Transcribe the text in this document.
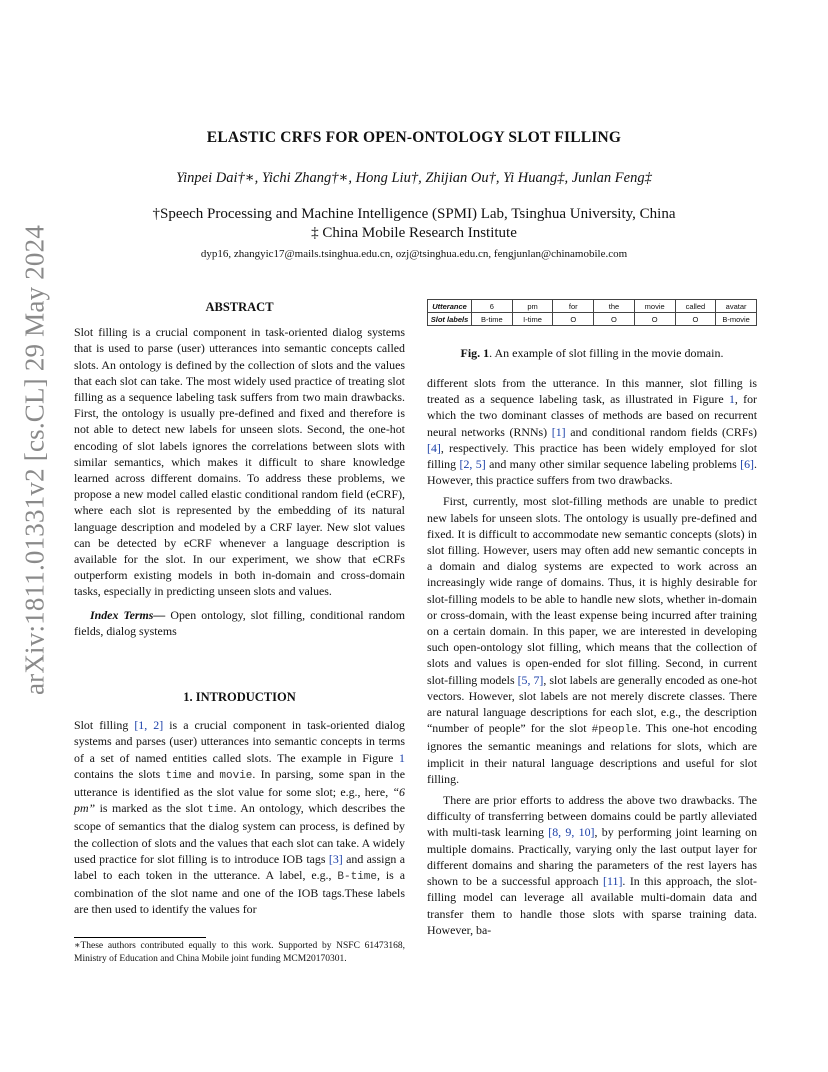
arXiv:1811.01331v2 [cs.CL] 29 May 2024
ELASTIC CRFS FOR OPEN-ONTOLOGY SLOT FILLING
Yinpei Dai†∗, Yichi Zhang†∗, Hong Liu†, Zhijian Ou†, Yi Huang‡, Junlan Feng‡
†Speech Processing and Machine Intelligence (SPMI) Lab, Tsinghua University, China
‡ China Mobile Research Institute
dyp16, zhangyic17@mails.tsinghua.edu.cn, ozj@tsinghua.edu.cn, fengjunlan@chinamobile.com
ABSTRACT

Slot filling is a crucial component in task-oriented dialog systems that is used to parse (user) utterances into semantic concepts called slots. An ontology is defined by the collection of slots and the values that each slot can take. The most widely used practice of treating slot filling as a sequence labeling task suffers from two main drawbacks. First, the ontology is usually pre-defined and fixed and therefore is not able to detect new labels for unseen slots. Second, the one-hot encoding of slot labels ignores the correlations between slots with similar semantics, which makes it difficult to share knowledge learned across different domains. To address these problems, we propose a new model called elastic conditional random field (eCRF), where each slot is represented by the embedding of its natural language description and modeled by a CRF layer. New slot values can be detected by eCRF whenever a language description is available for the slot. In our experiment, we show that eCRFs outperform existing models in both in-domain and cross-domain tasks, especially in predicting unseen slots and values.

Index Terms— Open ontology, slot filling, conditional random fields, dialog systems

1. INTRODUCTION

Slot filling [1, 2] is a crucial component in task-oriented dialog systems and parses (user) utterances into semantic concepts in terms of a set of named entities called slots. The example in Figure 1 contains the slots time and movie. In parsing, some span in the utterance is identified as the slot value for some slot; e.g., here, “6 pm” is marked as the slot time. An ontology, which describes the scope of semantics that the dialog system can process, is defined by the collection of slots and the values that each slot can take. A widely used practice for slot filling is to introduce IOB tags [3] and assign a label to each token in the utterance. A label, e.g., B-time, is a combination of the slot name and one of the IOB tags.These labels are then used to identify the values for

∗These authors contributed equally to this work. Supported by NSFC 61473168, Ministry of Education and China Mobile joint funding MCM20170301.
Utterance	6	pm	for	the	movie	called	avatar
Slot labels	B-time	I-time	O	O	O	O	B-movie
Fig. 1. An example of slot filling in the movie domain.

different slots from the utterance. In this manner, slot filling is treated as a sequence labeling task, as illustrated in Figure 1, for which the two dominant classes of methods are based on recurrent neural networks (RNNs) [1] and conditional random fields (CRFs) [4], respectively. This practice has been widely employed for slot filling [2, 5] and many other similar sequence labeling problems [6]. However, this practice suffers from two drawbacks.

First, currently, most slot-filling methods are unable to predict new labels for unseen slots. The ontology is usually pre-defined and fixed. It is difficult to accommodate new semantic concepts (slots) in slot filling. However, users may often add new semantic concepts in a domain and dialog systems are expected to work across an increasingly wide range of domains. Thus, it is highly desirable for slot-filling models to be able to handle new slots, whether in-domain or cross-domain, with the least expense being incurred after training on a certain domain. In this paper, we are interested in developing such open-ontology slot filling, which means that the collection of slots and values is open-ended for slot filling. Second, in current slot-filling models [5, 7], slot labels are generally encoded as one-hot vectors. However, slot labels are not merely discrete classes. There are natural language descriptions for each slot, e.g., the description “number of people” for the slot #people. This one-hot encoding ignores the semantic meanings and relations for slots, which are implicit in their natural language descriptions and useful for slot filling.

There are prior efforts to address the above two drawbacks. The difficulty of transferring between domains could be partly alleviated with multi-task learning [8, 9, 10], by performing joint learning on multiple domains. Practically, varying only the last output layer for different domains and sharing the parameters of the rest layers has shown to be a successful approach [11]. In this approach, the slot-filling model can leverage all available multi-domain data and transfer them to handle those slots with sparse training data. However, ba-
